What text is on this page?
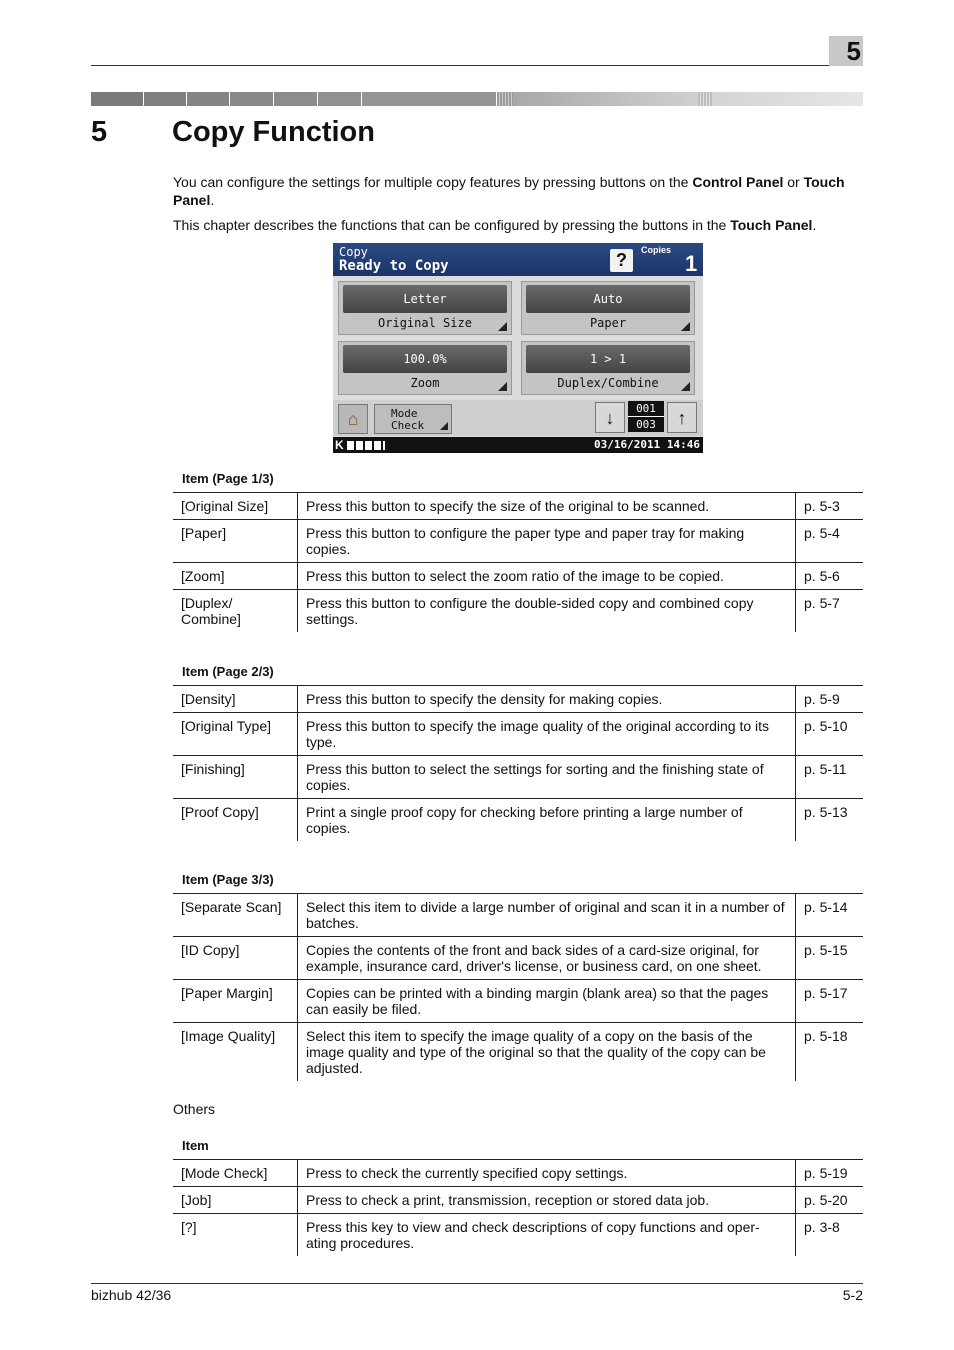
5
5 Copy Function
You can configure the settings for multiple copy features by pressing buttons on the Control Panel or Touch Panel.
This chapter describes the functions that can be configured by pressing the buttons in the Touch Panel.
Copy
Ready to Copy	?	Copies
1
Letter
Original Size
Auto
Paper
100.0%
Zoom
1 > 1
Duplex/Combine
⌂	Mode
Check	↓	001
003	↑
K	03/16/2011 14:46
Item (Page 1/3)
[Original Size]	Press this button to specify the size of the original to be scanned.	p. 5-3
[Paper]	Press this button to configure the paper type and paper tray for making copies.	p. 5-4
[Zoom]	Press this button to select the zoom ratio of the image to be copied.	p. 5-6
[Duplex/ Combine]	Press this button to configure the double-sided copy and combined copy settings.	p. 5-7
Item (Page 2/3)
[Density]	Press this button to specify the density for making copies.	p. 5-9
[Original Type]	Press this button to specify the image quality of the original according to its type.	p. 5-10
[Finishing]	Press this button to select the settings for sorting and the finishing state of copies.	p. 5-11
[Proof Copy]	Print a single proof copy for checking before printing a large number of copies.	p. 5-13
Item (Page 3/3)
[Separate Scan]	Select this item to divide a large number of original and scan it in a number of batches.	p. 5-14
[ID Copy]	Copies the contents of the front and back sides of a card-size original, for example, insurance card, driver's license, or business card, on one sheet.	p. 5-15
[Paper Margin]	Copies can be printed with a binding margin (blank area) so that the pages can easily be filed.	p. 5-17
[Image Quality]	Select this item to specify the image quality of a copy on the basis of the image quality and type of the original so that the quality of the copy can be adjusted.	p. 5-18
Others
Item
[Mode Check]	Press to check the currently specified copy settings.	p. 5-19
[Job]	Press to check a print, transmission, reception or stored data job.	p. 5-20
[?]	Press this key to view and check descriptions of copy functions and oper-ating procedures.	p. 3-8
bizhub 42/36	5-2
